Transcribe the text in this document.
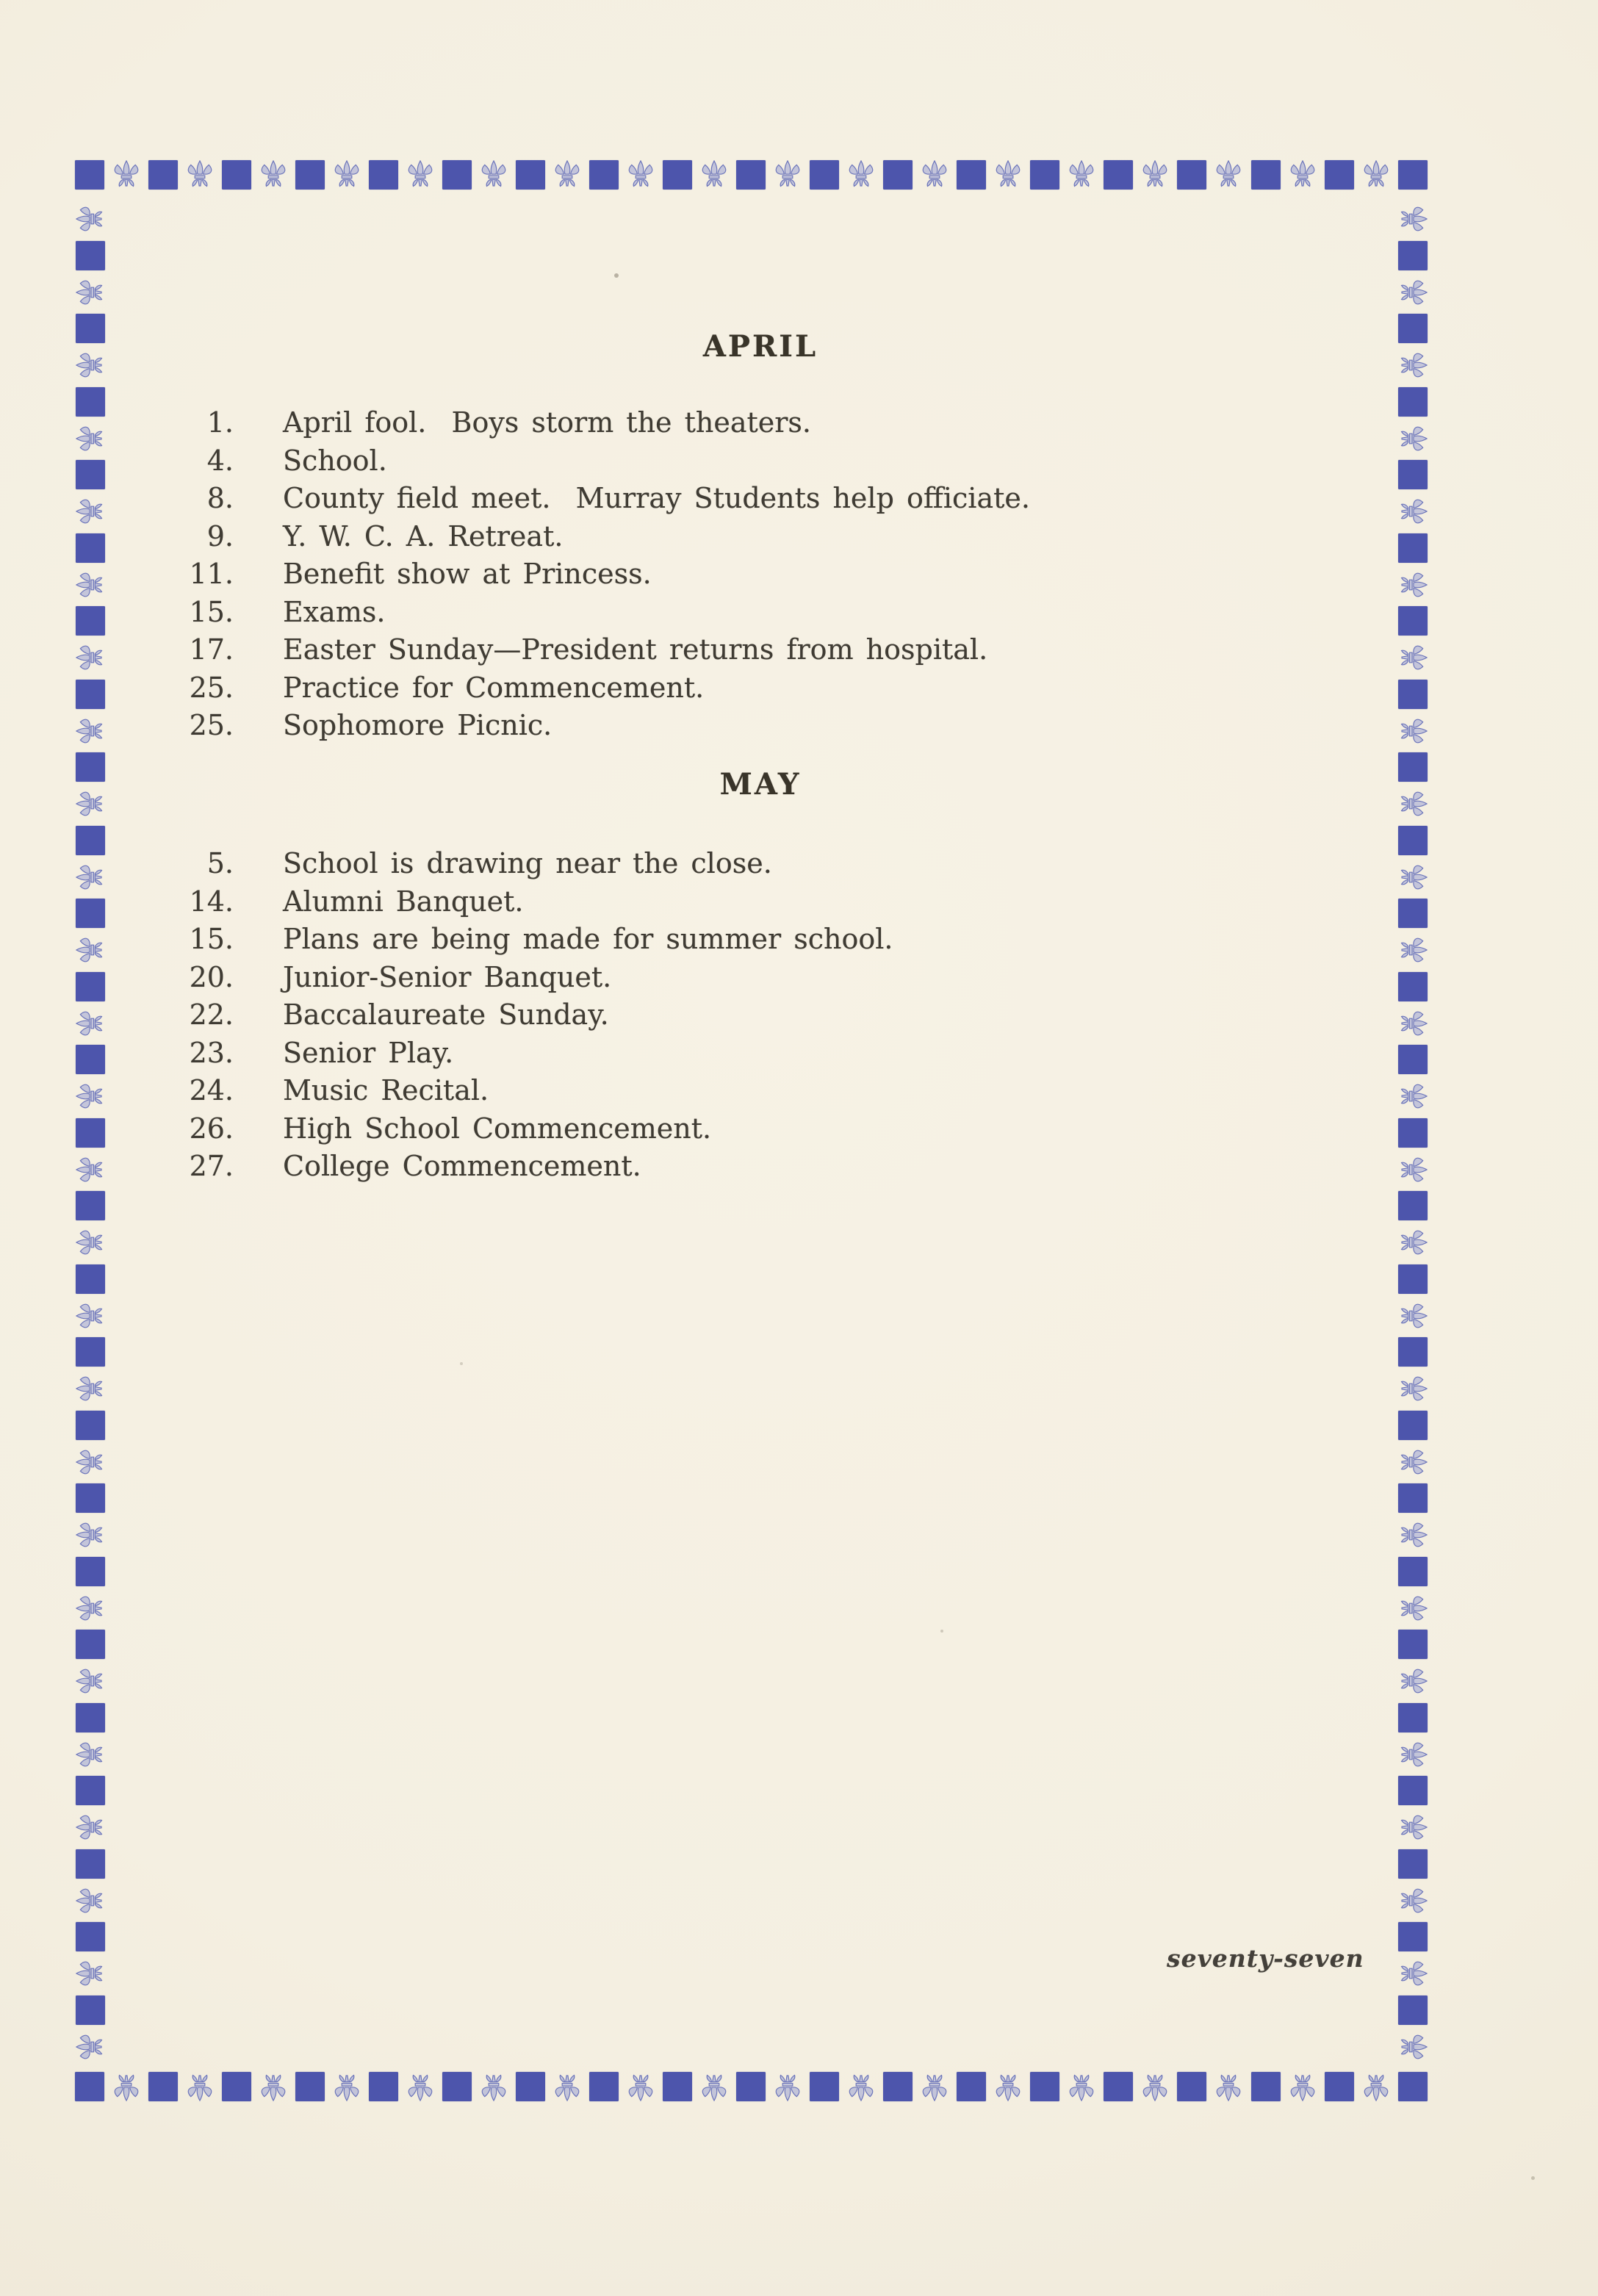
APRIL
1. April fool.  Boys storm the theaters.
4. School.
8. County field meet.  Murray Students help officiate.
9. Y. W. C. A. Retreat.
11. Benefit show at Princess.
15. Exams.
17. Easter Sunday—President returns from hospital.
25. Practice for Commencement.
25. Sophomore Picnic.
MAY
5. School is drawing near the close.
14. Alumni Banquet.
15. Plans are being made for summer school.
20. Junior-Senior Banquet.
22. Baccalaureate Sunday.
23. Senior Play.
24. Music Recital.
26. High School Commencement.
27. College Commencement.
seventy-seven
